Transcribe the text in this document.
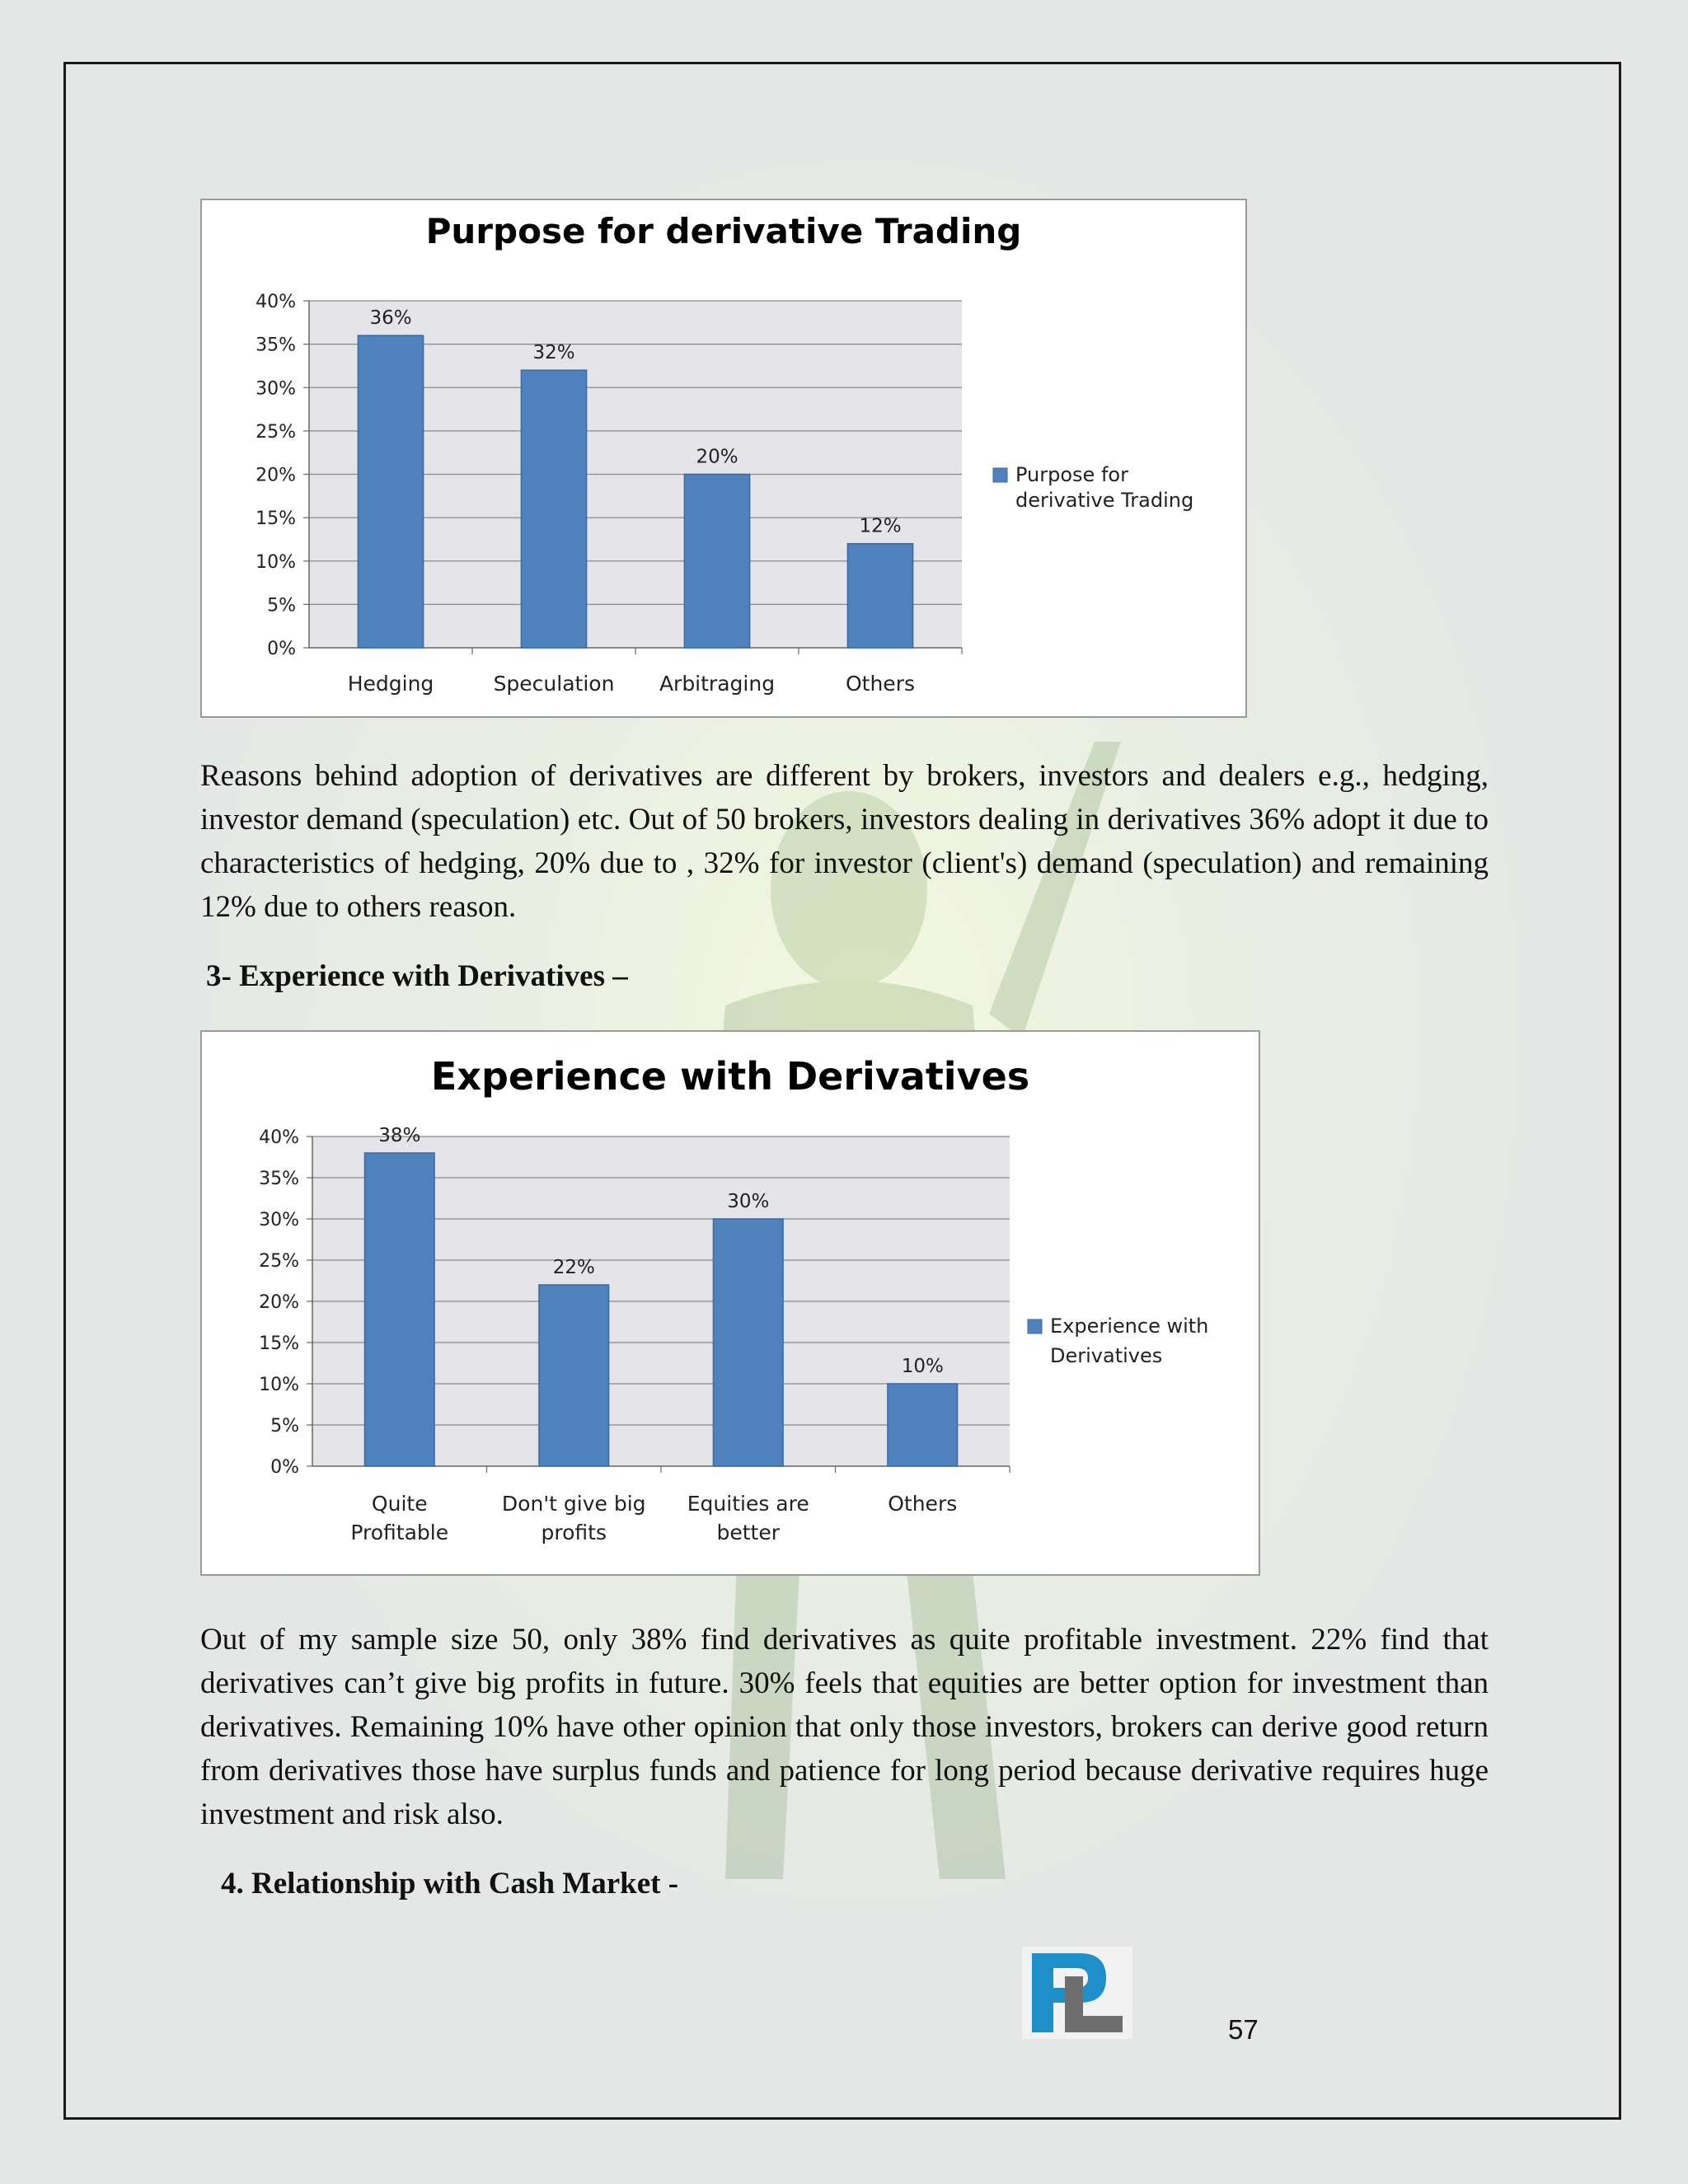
Purpose for derivative Trading
0%
5%
10%
15%
20%
25%
30%
35%
40%
36%
32%
20%
12%
Hedging	Speculation Arbitraging	Others
Purpose for
derivative Trading

Reasons behind adoption of derivatives are different by brokers, investors and dealers e.g., hedging, investor demand (speculation) etc. Out of 50 brokers, investors dealing in derivatives 36% adopt it due to characteristics of hedging, 20% due to , 32% for investor (client's) demand (speculation) and remaining 12% due to others reason.

3- Experience with Derivatives –

Experience with Derivatives
0%
5%
10%
15%
20%
25%
30%
35%
40%	38%
22%
30%
10%
Quite
Profitable
Don't give big
profits
Equities are
better
Others
Experience with
Derivatives

Out of my sample size 50, only 38% find derivatives as quite profitable investment. 22% find that derivatives can’t give big profits in future. 30% feels that equities are better option for investment than derivatives. Remaining 10% have other opinion that only those investors, brokers can derive good return from derivatives those have surplus funds and patience for long period because derivative requires huge investment and risk also.

4. Relationship with Cash Market -

57
